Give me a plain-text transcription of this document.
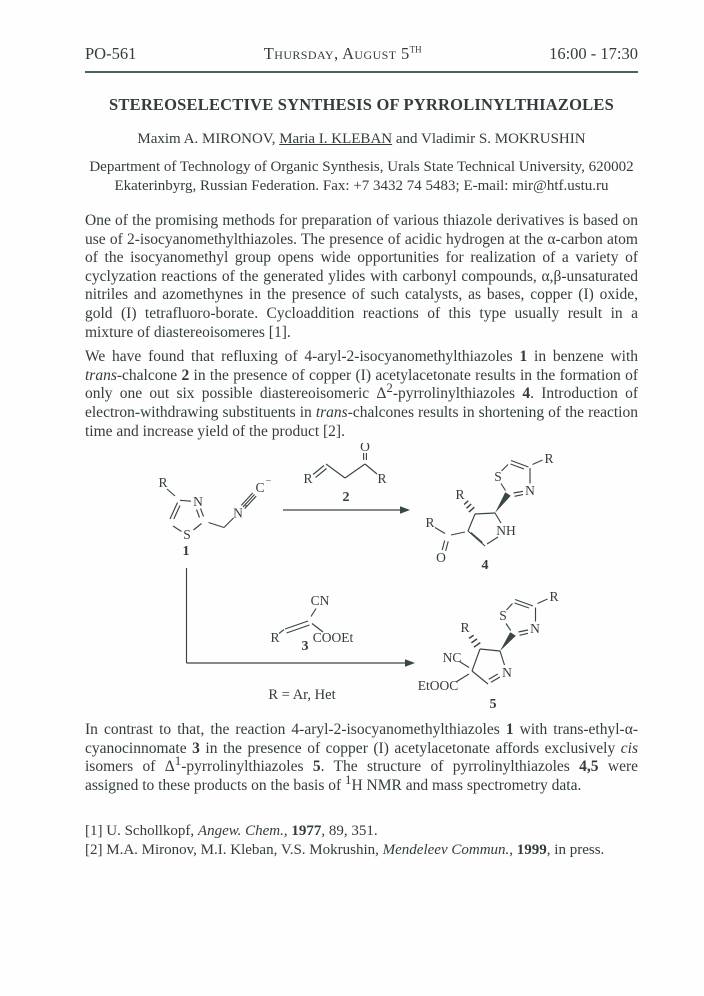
PO-561	Thursday, August 5TH	16:00 - 17:30
STEREOSELECTIVE SYNTHESIS OF PYRROLINYLTHIAZOLES
Maxim A. MIRONOV, Maria I. KLEBAN and Vladimir S. MOKRUSHIN
Department of Technology of Organic Synthesis, Urals State Technical University, 620002
Ekaterinbyrg, Russian Federation. Fax: +7 3432 74 5483; E-mail: mir@htf.ustu.ru

One of the promising methods for preparation of various thiazole derivatives is based on use of 2-isocyanomethylthiazoles. The presence of acidic hydrogen at the α-carbon atom of the isocyanomethyl group opens wide opportunities for realization of a variety of cyclyzation reactions of the generated ylides with carbonyl compounds, α,β-unsaturated nitriles and azomethynes in the presence of such catalysts, as bases, copper (I) oxide, gold (I) tetrafluoro-borate. Cycloaddition reactions of this type usually result in a mixture of diastereoisomeres [1].

We have found that refluxing of 4-aryl-2-isocyanomethylthiazoles 1 in benzene with trans-chalcone 2 in the presence of copper (I) acetylacetonate results in the formation of only one out six possible diastereoisomeric $\Delta^2$-pyrrolinylthiazoles 4. Introduction of electron-withdrawing substituents in trans-chalcones results in shortening of the reaction time and increase yield of the product [2].

R
N
S
N +
C −
1
R
O
R
2
R
O
NH
R
S
N
R
4
CN
R COOEt
3
R = Ar, Het
NC
EtOOC
N
R
S
N
R
5

In contrast to that, the reaction 4-aryl-2-isocyanomethylthiazoles 1 with trans-ethyl-α-cyanocinnomate 3 in the presence of copper (I) acetylacetonate affords exclusively cis isomers of $\Delta^1$-pyrrolinylthiazoles 5. The structure of pyrrolinylthiazoles 4,5 were assigned to these products on the basis of $^1$H NMR and mass spectrometry data.

[1] U. Schollkopf, Angew. Chem., 1977, 89, 351.

[2] M.A. Mironov, M.I. Kleban, V.S. Mokrushin, Mendeleev Commun., 1999, in press.
